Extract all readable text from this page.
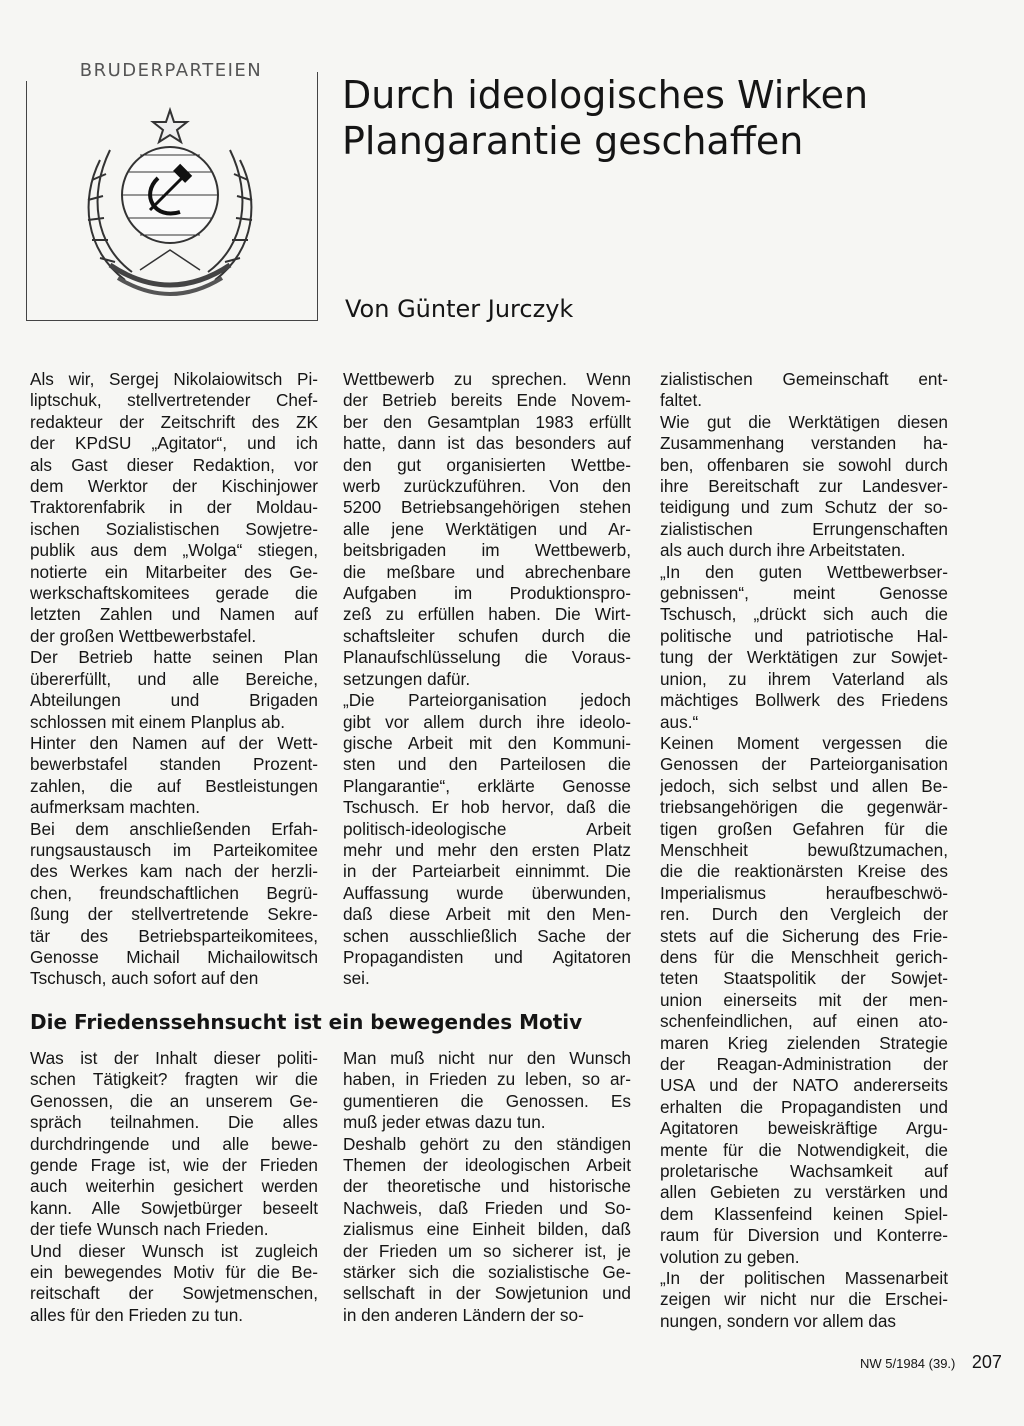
BRUDERPARTEIEN
Durch ideologisches Wirken
Plangarantie geschaffen

Von Günter Jurczyk

Als wir, Sergej Nikolaiowitsch Pi-
liptschuk, stellvertretender Chef-
redakteur der Zeitschrift des ZK
der KPdSU „Agitator“, und ich
als Gast dieser Redaktion, vor
dem Werktor der Kischinjower
Traktorenfabrik in der Moldau-
ischen Sozialistischen Sowjetre-
publik aus dem „Wolga“ stiegen,
notierte ein Mitarbeiter des Ge-
werkschaftskomitees gerade die
letzten Zahlen und Namen auf
der großen Wettbewerbstafel.
Der Betrieb hatte seinen Plan
übererfüllt, und alle Bereiche,
Abteilungen und Brigaden
schlossen mit einem Planplus ab.
Hinter den Namen auf der Wett-
bewerbstafel standen Prozent-
zahlen, die auf Bestleistungen
aufmerksam machten.
Bei dem anschließenden Erfah-
rungsaustausch im Parteikomitee
des Werkes kam nach der herzli-
chen, freundschaftlichen Begrü-
ßung der stellvertretende Sekre-
tär des Betriebsparteikomitees,
Genosse Michail Michailowitsch
Tschusch, auch sofort auf den
Wettbewerb zu sprechen. Wenn
der Betrieb bereits Ende Novem-
ber den Gesamtplan 1983 erfüllt
hatte, dann ist das besonders auf
den gut organisierten Wettbe-
werb zurückzuführen. Von den
5200 Betriebsangehörigen stehen
alle jene Werktätigen und Ar-
beitsbrigaden im Wettbewerb,
die meßbare und abrechenbare
Aufgaben im Produktionspro-
zeß zu erfüllen haben. Die Wirt-
schaftsleiter schufen durch die
Planaufschlüsselung die Voraus-
setzungen dafür.
„Die Parteiorganisation jedoch
gibt vor allem durch ihre ideolo-
gische Arbeit mit den Kommuni-
sten und den Parteilosen die
Plangarantie“, erklärte Genosse
Tschusch. Er hob hervor, daß die
politisch-ideologische Arbeit
mehr und mehr den ersten Platz
in der Parteiarbeit einnimmt. Die
Auffassung wurde überwunden,
daß diese Arbeit mit den Men-
schen ausschließlich Sache der
Propagandisten und Agitatoren
sei.
zialistischen Gemeinschaft ent-
faltet.
Wie gut die Werktätigen diesen
Zusammenhang verstanden ha-
ben, offenbaren sie sowohl durch
ihre Bereitschaft zur Landesver-
teidigung und zum Schutz der so-
zialistischen Errungenschaften
als auch durch ihre Arbeitstaten.
„In den guten Wettbewerbser-
gebnissen“, meint Genosse
Tschusch, „drückt sich auch die
politische und patriotische Hal-
tung der Werktätigen zur Sowjet-
union, zu ihrem Vaterland als
mächtiges Bollwerk des Friedens
aus.“
Keinen Moment vergessen die
Genossen der Parteiorganisation
jedoch, sich selbst und allen Be-
triebsangehörigen die gegenwär-
tigen großen Gefahren für die
Menschheit bewußtzumachen,
die die reaktionärsten Kreise des
Imperialismus heraufbeschwö-
ren. Durch den Vergleich der
stets auf die Sicherung des Frie-
dens für die Menschheit gerich-
teten Staatspolitik der Sowjet-
union einerseits mit der men-
schenfeindlichen, auf einen ato-
maren Krieg zielenden Strategie
der Reagan-Administration der
USA und der NATO andererseits
erhalten die Propagandisten und
Agitatoren beweiskräftige Argu-
mente für die Notwendigkeit, die
proletarische Wachsamkeit auf
allen Gebieten zu verstärken und
dem Klassenfeind keinen Spiel-
raum für Diversion und Konterre-
volution zu geben.
„In der politischen Massenarbeit
zeigen wir nicht nur die Erschei-
nungen, sondern vor allem das
Die Friedenssehnsucht ist ein bewegendes Motiv
Was ist der Inhalt dieser politi-
schen Tätigkeit? fragten wir die
Genossen, die an unserem Ge-
spräch teilnahmen. Die alles
durchdringende und alle bewe-
gende Frage ist, wie der Frieden
auch weiterhin gesichert werden
kann. Alle Sowjetbürger beseelt
der tiefe Wunsch nach Frieden.
Und dieser Wunsch ist zugleich
ein bewegendes Motiv für die Be-
reitschaft der Sowjetmenschen,
alles für den Frieden zu tun.
Man muß nicht nur den Wunsch
haben, in Frieden zu leben, so ar-
gumentieren die Genossen. Es
muß jeder etwas dazu tun.
Deshalb gehört zu den ständigen
Themen der ideologischen Arbeit
der theoretische und historische
Nachweis, daß Frieden und So-
zialismus eine Einheit bilden, daß
der Frieden um so sicherer ist, je
stärker sich die sozialistische Ge-
sellschaft in der Sowjetunion und
in den anderen Ländern der so-
NW 5/1984 (39.) 207
